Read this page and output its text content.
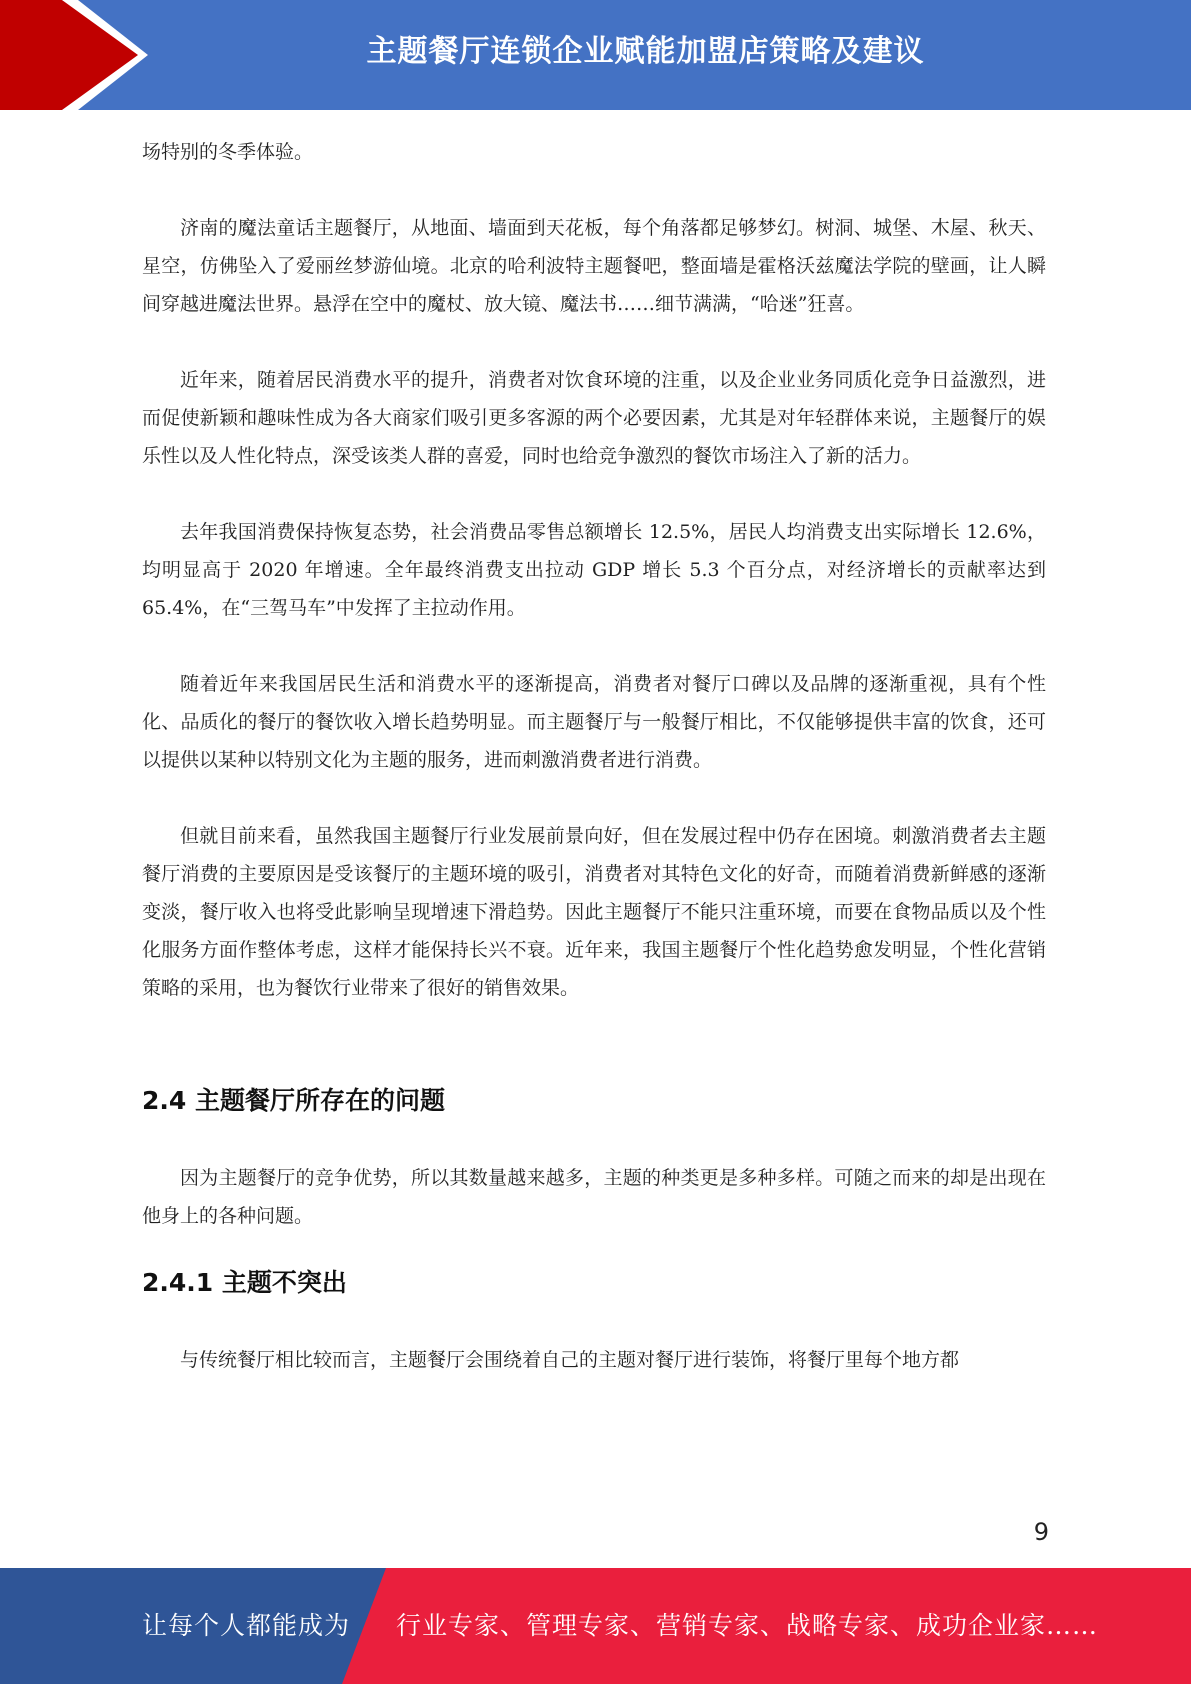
主题餐厅连锁企业赋能加盟店策略及建议

场特别的冬季体验。

济南的魔法童话主题餐厅，从地面、墙面到天花板，每个角落都足够梦幻。树洞、城堡、木屋、秋天、星空，仿佛坠入了爱丽丝梦游仙境。北京的哈利波特主题餐吧，整面墙是霍格沃兹魔法学院的壁画，让人瞬间穿越进魔法世界。悬浮在空中的魔杖、放大镜、魔法书……细节满满，“哈迷”狂喜。

近年来，随着居民消费水平的提升，消费者对饮食环境的注重，以及企业业务同质化竞争日益激烈，进而促使新颖和趣味性成为各大商家们吸引更多客源的两个必要因素，尤其是对年轻群体来说，主题餐厅的娱乐性以及人性化特点，深受该类人群的喜爱，同时也给竞争激烈的餐饮市场注入了新的活力。

去年我国消费保持恢复态势，社会消费品零售总额增长 12.5%，居民人均消费支出实际增长 12.6%，均明显高于 2020 年增速。全年最终消费支出拉动 GDP 增长 5.3 个百分点，对经济增长的贡献率达到 65.4%，在“三驾马车”中发挥了主拉动作用。

随着近年来我国居民生活和消费水平的逐渐提高，消费者对餐厅口碑以及品牌的逐渐重视，具有个性化、品质化的餐厅的餐饮收入增长趋势明显。而主题餐厅与一般餐厅相比，不仅能够提供丰富的饮食，还可以提供以某种以特别文化为主题的服务，进而刺激消费者进行消费。

但就目前来看，虽然我国主题餐厅行业发展前景向好，但在发展过程中仍存在困境。刺激消费者去主题餐厅消费的主要原因是受该餐厅的主题环境的吸引，消费者对其特色文化的好奇，而随着消费新鲜感的逐渐变淡，餐厅收入也将受此影响呈现增速下滑趋势。因此主题餐厅不能只注重环境，而要在食物品质以及个性化服务方面作整体考虑，这样才能保持长兴不衰。近年来，我国主题餐厅个性化趋势愈发明显，个性化营销策略的采用，也为餐饮行业带来了很好的销售效果。

2.4 主题餐厅所存在的问题

因为主题餐厅的竞争优势，所以其数量越来越多，主题的种类更是多种多样。可随之而来的却是出现在他身上的各种问题。

2.4.1 主题不突出

与传统餐厅相比较而言，主题餐厅会围绕着自己的主题对餐厅进行装饰，将餐厅里每个地方都

9
让每个人都能成为 行业专家、管理专家、营销专家、战略专家、成功企业家……
